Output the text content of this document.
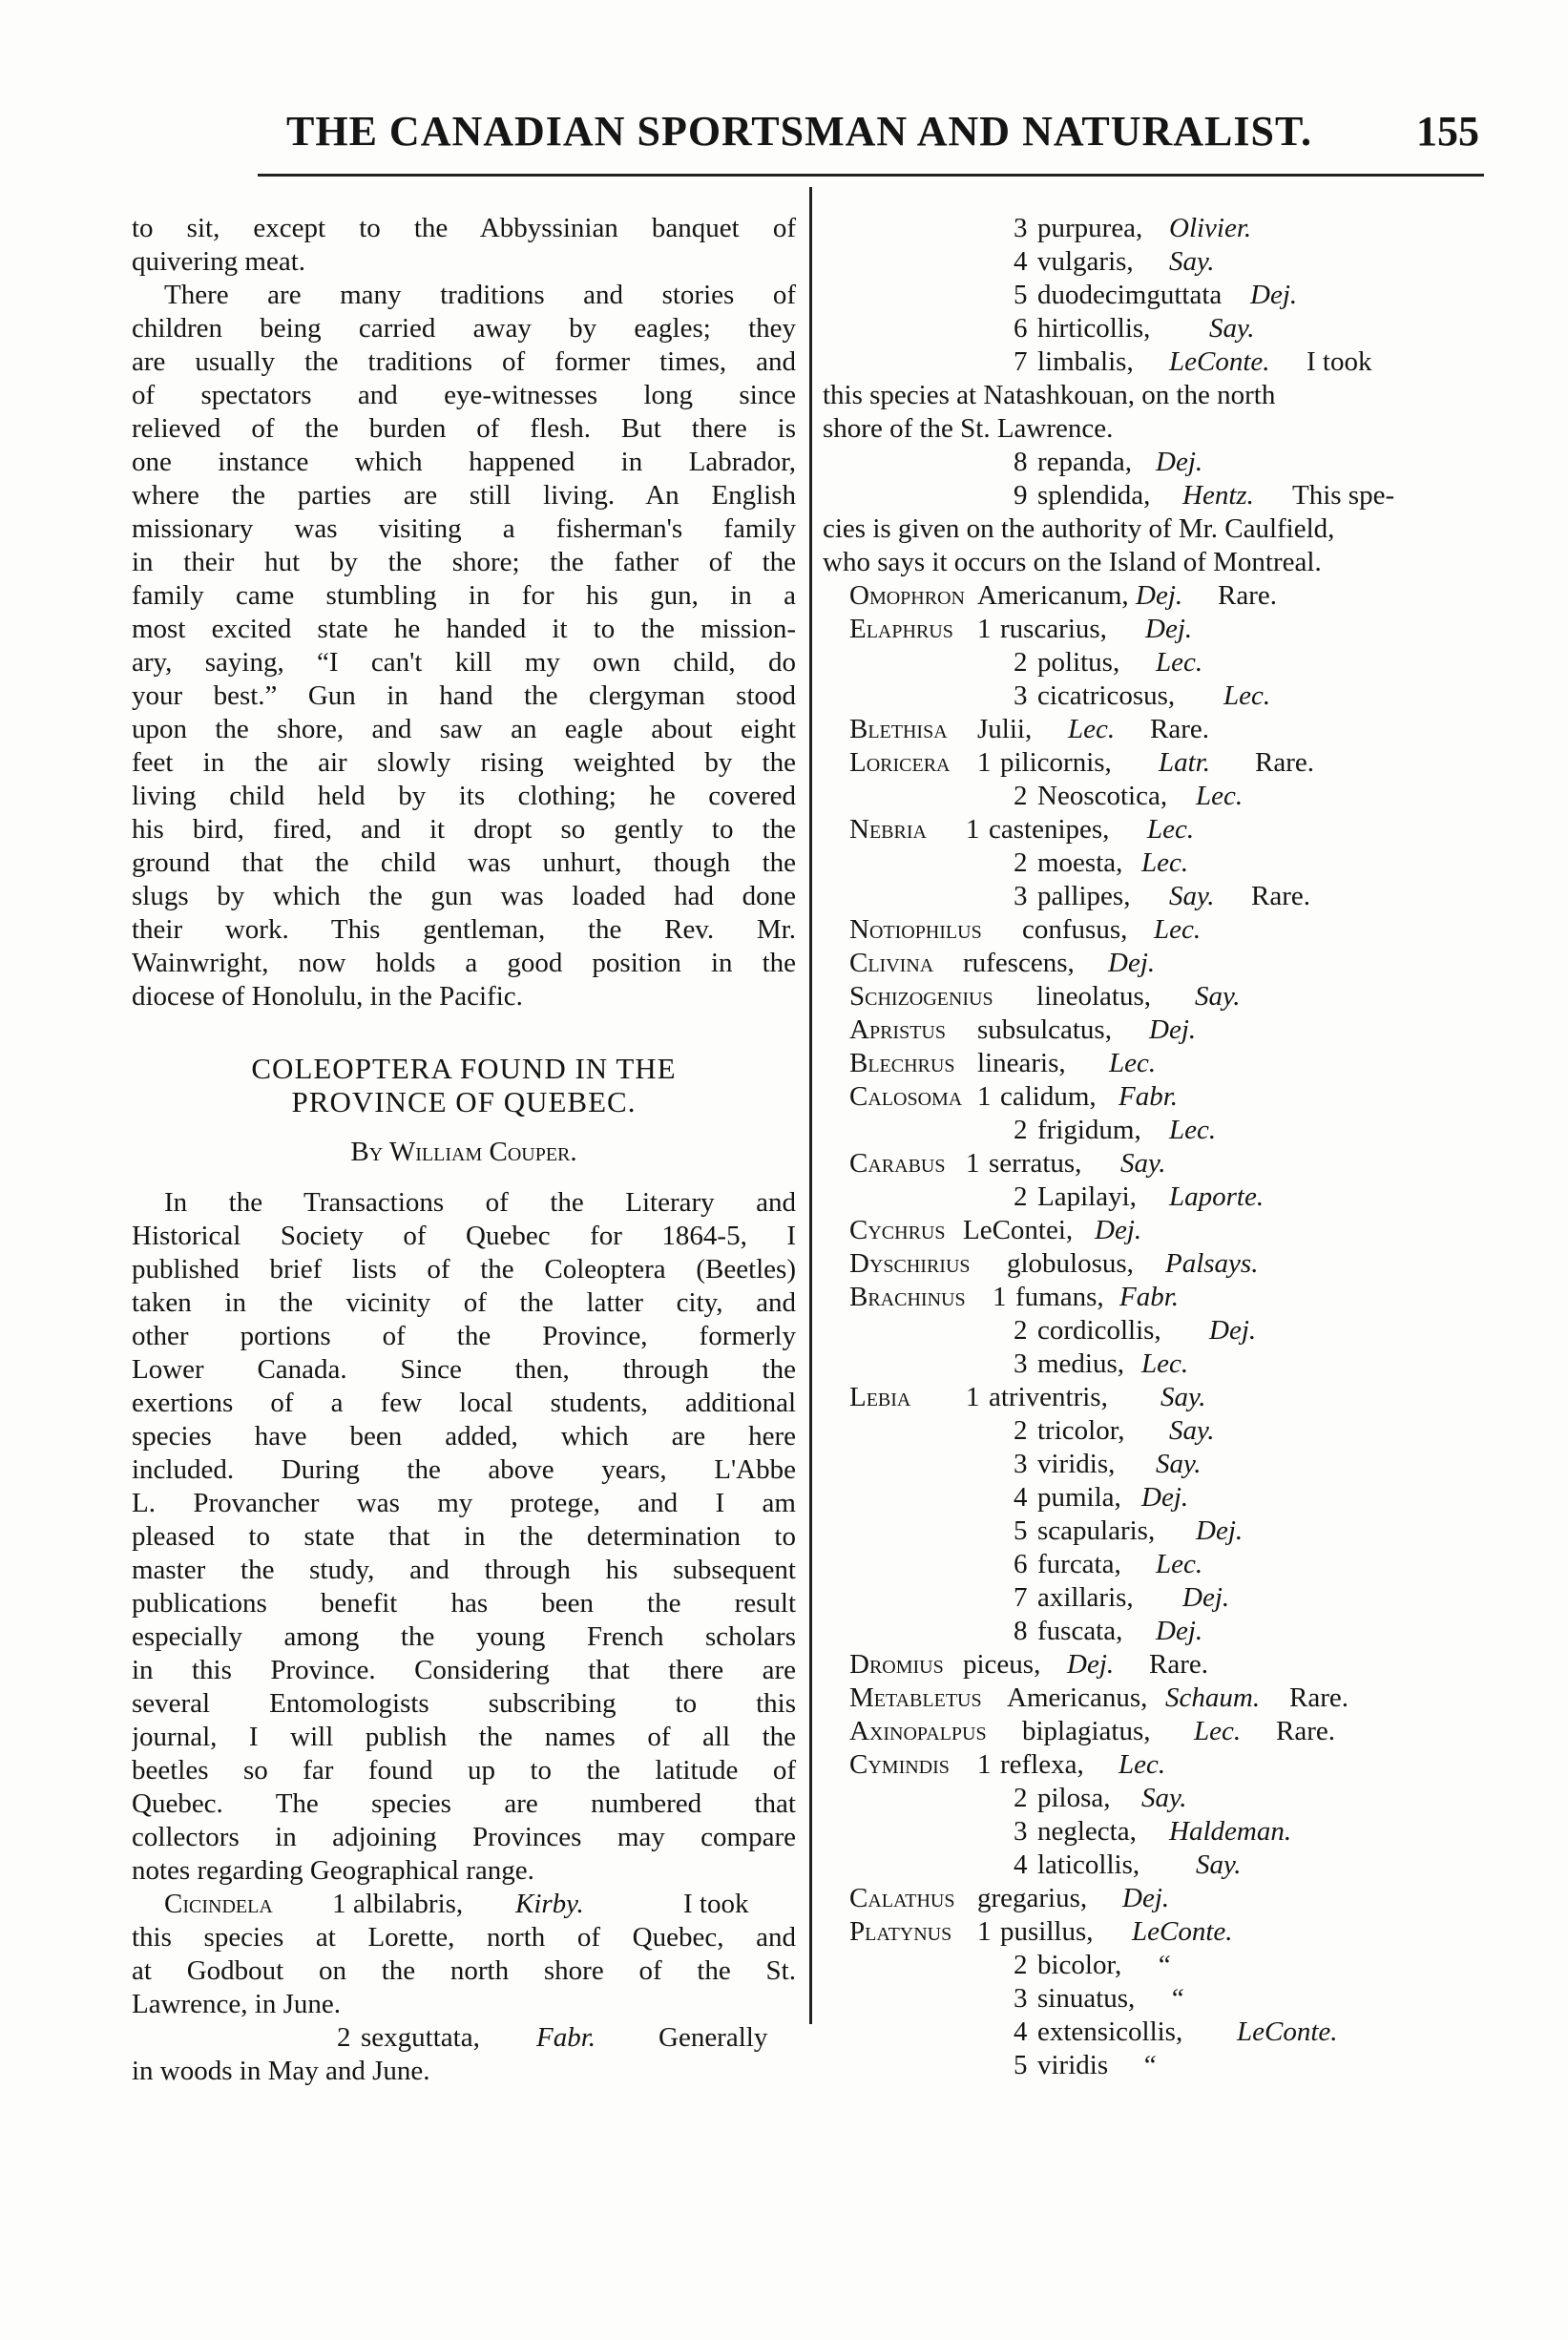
THE CANADIAN SPORTSMAN AND NATURALIST. 155
to sit, except to the Abbyssinian banquet of
quivering meat.
There are many traditions and stories of
children being carried away by eagles; they
are usually the traditions of former times, and
of spectators and eye-witnesses long since
relieved of the burden of flesh. But there is
one instance which happened in Labrador,
where the parties are still living. An English
missionary was visiting a fisherman's family
in their hut by the shore; the father of the
family came stumbling in for his gun, in a
most excited state he handed it to the mission-
ary, saying, “I can't kill my own child, do
your best.” Gun in hand the clergyman stood
upon the shore, and saw an eagle about eight
feet in the air slowly rising weighted by the
living child held by its clothing; he covered
his bird, fired, and it dropt so gently to the
ground that the child was unhurt, though the
slugs by which the gun was loaded had done
their work. This gentleman, the Rev. Mr.
Wainwright, now holds a good position in the
diocese of Honolulu, in the Pacific.
COLEOPTERA FOUND IN THE
PROVINCE OF QUEBEC.
By William Couper.
In the Transactions of the Literary and
Historical Society of Quebec for 1864-5, I
published brief lists of the Coleoptera (Beetles)
taken in the vicinity of the latter city, and
other portions of the Province, formerly
Lower Canada. Since then, through the
exertions of a few local students, additional
species have been added, which are here
included. During the above years, L'Abbe
L. Provancher was my protege, and I am
pleased to state that in the determination to
master the study, and through his subsequent
publications benefit has been the result
especially among the young French scholars
in this Province. Considering that there are
several Entomologists subscribing to this
journal, I will publish the names of all the
beetles so far found up to the latitude of
Quebec. The species are numbered that
collectors in adjoining Provinces may compare
notes regarding Geographical range.
Cicindela 1 albilabris, Kirby.	I took
this species at Lorette, north of Quebec, and
at Godbout on the north shore of the St.
Lawrence, in June.
2 sexguttata, Fabr. Generally
in woods in May and June.
3 purpurea, Olivier.
4 vulgaris, Say.
5 duodecimguttata Dej.
6 hirticollis, Say.
7 limbalis, LeConte. I took
this species at Natashkouan, on the north
shore of the St. Lawrence.
8 repanda, Dej.
9 splendida, Hentz. This spe-
cies is given on the authority of Mr. Caulfield,
who says it occurs on the Island of Montreal.
Omophron Americanum, Dej. Rare.
Elaphrus 1 ruscarius, Dej.
2 politus, Lec.
3 cicatricosus, Lec.
Blethisa Julii, Lec. Rare.
Loricera 1 pilicornis, Latr. Rare.
2 Neoscotica, Lec.
Nebria 1 castenipes, Lec.
2 moesta, Lec.
3 pallipes, Say. Rare.
Notiophilus confusus, Lec.
Clivina rufescens, Dej.
Schizogenius lineolatus, Say.
Apristus subsulcatus, Dej.
Blechrus linearis, Lec.
Calosoma 1 calidum, Fabr.
2 frigidum, Lec.
Carabus 1 serratus, Say.
2 Lapilayi, Laporte.
Cychrus LeContei, Dej.
Dyschirius globulosus, Palsays.
Brachinus 1 fumans, Fabr.
2 cordicollis, Dej.
3 medius, Lec.
Lebia 1 atriventris, Say.
2 tricolor, Say.
3 viridis, Say.
4 pumila, Dej.
5 scapularis, Dej.
6 furcata, Lec.
7 axillaris, Dej.
8 fuscata, Dej.
Dromius piceus, Dej. Rare.
Metabletus Americanus, Schaum. Rare.
Axinopalpus biplagiatus, Lec. Rare.
Cymindis 1 reflexa, Lec.
2 pilosa, Say.
3 neglecta, Haldeman.
4 laticollis, Say.
Calathus gregarius, Dej.
Platynus 1 pusillus, LeConte.
2 bicolor, “
3 sinuatus, “
4 extensicollis, LeConte.
5 viridis “
